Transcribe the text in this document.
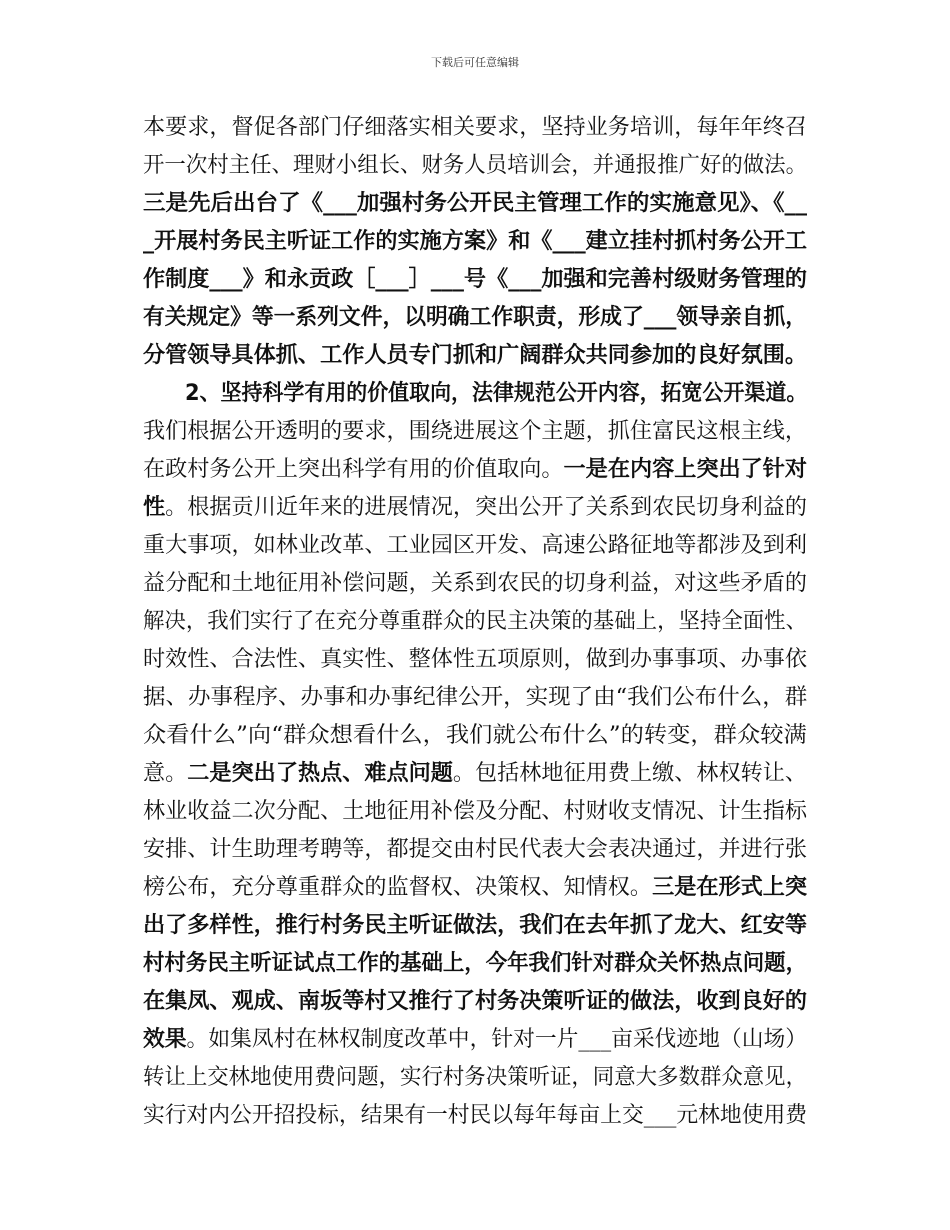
下载后可任意编辑
本要求，督促各部门仔细落实相关要求，坚持业务培训，每年年终召
开一次村主任、理财小组长、财务人员培训会，并通报推广好的做法。
三是先后出台了《___加强村务公开民主管理工作的实施意见》、《__
_开展村务民主听证工作的实施方案》和《___建立挂村抓村务公开工
作制度___》和永贡政［___］___号《___加强和完善村级财务管理的
有关规定》等一系列文件，以明确工作职责，形成了___领导亲自抓，
分管领导具体抓、工作人员专门抓和广阔群众共同参加的良好氛围。
2、坚持科学有用的价值取向，法律规范公开内容，拓宽公开渠道。
我们根据公开透明的要求，围绕进展这个主题，抓住富民这根主线，
在政村务公开上突出科学有用的价值取向。一是在内容上突出了针对
性。根据贡川近年来的进展情况，突出公开了关系到农民切身利益的
重大事项，如林业改革、工业园区开发、高速公路征地等都涉及到利
益分配和土地征用补偿问题，关系到农民的切身利益，对这些矛盾的
解决，我们实行了在充分尊重群众的民主决策的基础上，坚持全面性、
时效性、合法性、真实性、整体性五项原则，做到办事事项、办事依
据、办事程序、办事和办事纪律公开，实现了由“我们公布什么，群
众看什么”向“群众想看什么，我们就公布什么”的转变，群众较满
意。二是突出了热点、难点问题。包括林地征用费上缴、林权转让、
林业收益二次分配、土地征用补偿及分配、村财收支情况、计生指标
安排、计生助理考聘等，都提交由村民代表大会表决通过，并进行张
榜公布，充分尊重群众的监督权、决策权、知情权。三是在形式上突
出了多样性，推行村务民主听证做法，我们在去年抓了龙大、红安等
村村务民主听证试点工作的基础上，今年我们针对群众关怀热点问题，
在集凤、观成、南坂等村又推行了村务决策听证的做法，收到良好的
效果。如集凤村在林权制度改革中，针对一片___亩采伐迹地（山场）
转让上交林地使用费问题，实行村务决策听证，同意大多数群众意见，
实行对内公开招投标，结果有一村民以每年每亩上交___元林地使用费
